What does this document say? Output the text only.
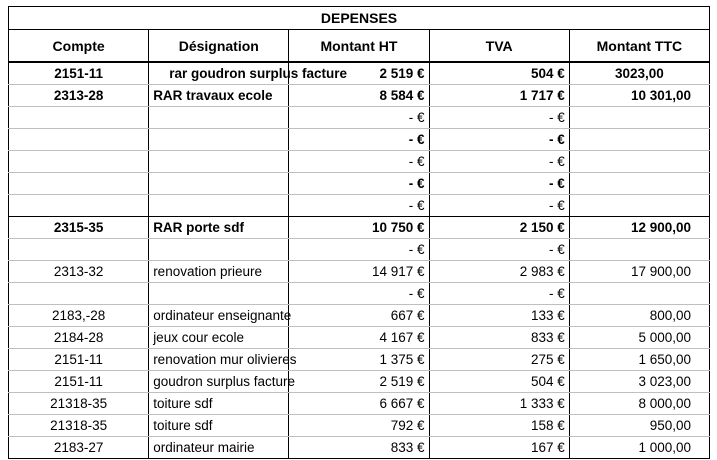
DEPENSES				
Compte	Désignation	Montant HT	TVA	Montant TTC
2151-11	rar goudron surplus facture	2 519 €	504 €	3023,00
2313-28	RAR travaux ecole	8 584 €	1 717 €	10 301,00
		- €	- €	
		- €	- €	
		- €	- €	
		- €	- €	
		- €	- €	
2315-35	RAR porte sdf	10 750 €	2 150 €	12 900,00
		- €	- €	
2313-32	renovation prieure	14 917 €	2 983 €	17 900,00
		- €	- €	
2183,-28	ordinateur enseignante	667 €	133 €	800,00
2184-28	jeux cour ecole	4 167 €	833 €	5 000,00
2151-11	renovation mur olivieres	1 375 €	275 €	1 650,00
2151-11	goudron surplus facture	2 519 €	504 €	3 023,00
21318-35	toiture sdf	6 667 €	1 333 €	8 000,00
21318-35	toiture sdf	792 €	158 €	950,00
2183-27	ordinateur mairie	833 €	167 €	1 000,00
